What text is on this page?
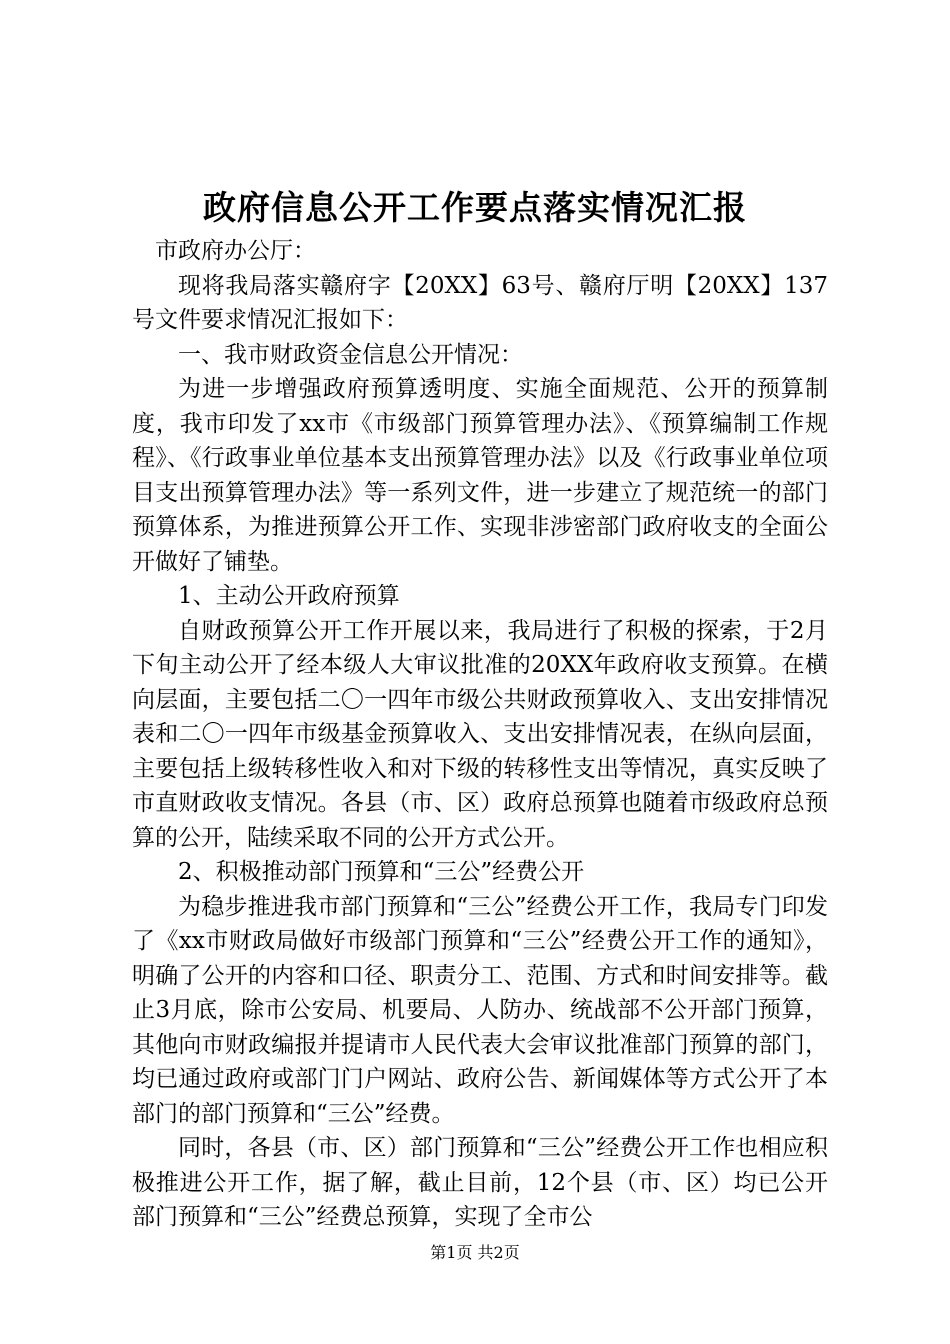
政府信息公开工作要点落实情况汇报

市政府办公厅：

现将我局落实赣府字【20XX】63号、赣府厅明【20XX】137号文件要求情况汇报如下：

一、我市财政资金信息公开情况：

为进一步增强政府预算透明度、实施全面规范、公开的预算制度，我市印发了xx市《市级部门预算管理办法》、《预算编制工作规程》、《行政事业单位基本支出预算管理办法》以及《行政事业单位项目支出预算管理办法》等一系列文件，进一步建立了规范统一的部门预算体系，为推进预算公开工作、实现非涉密部门政府收支的全面公开做好了铺垫。

1、主动公开政府预算

自财政预算公开工作开展以来，我局进行了积极的探索，于2月下旬主动公开了经本级人大审议批准的20XX年政府收支预算。在横向层面，主要包括二〇一四年市级公共财政预算收入、支出安排情况表和二〇一四年市级基金预算收入、支出安排情况表，在纵向层面，主要包括上级转移性收入和对下级的转移性支出等情况，真实反映了市直财政收支情况。各县（市、区）政府总预算也随着市级政府总预算的公开，陆续采取不同的公开方式公开。

2、积极推动部门预算和“三公”经费公开

为稳步推进我市部门预算和“三公”经费公开工作，我局专门印发了《xx市财政局做好市级部门预算和“三公”经费公开工作的通知》，明确了公开的内容和口径、职责分工、范围、方式和时间安排等。截止3月底，除市公安局、机要局、人防办、统战部不公开部门预算，其他向市财政编报并提请市人民代表大会审议批准部门预算的部门，均已通过政府或部门门户网站、政府公告、新闻媒体等方式公开了本部门的部门预算和“三公”经费。

同时，各县（市、区）部门预算和“三公”经费公开工作也相应积极推进公开工作，据了解，截止目前，12个县（市、区）均已公开部门预算和“三公”经费总预算，实现了全市公

第1页 共2页
